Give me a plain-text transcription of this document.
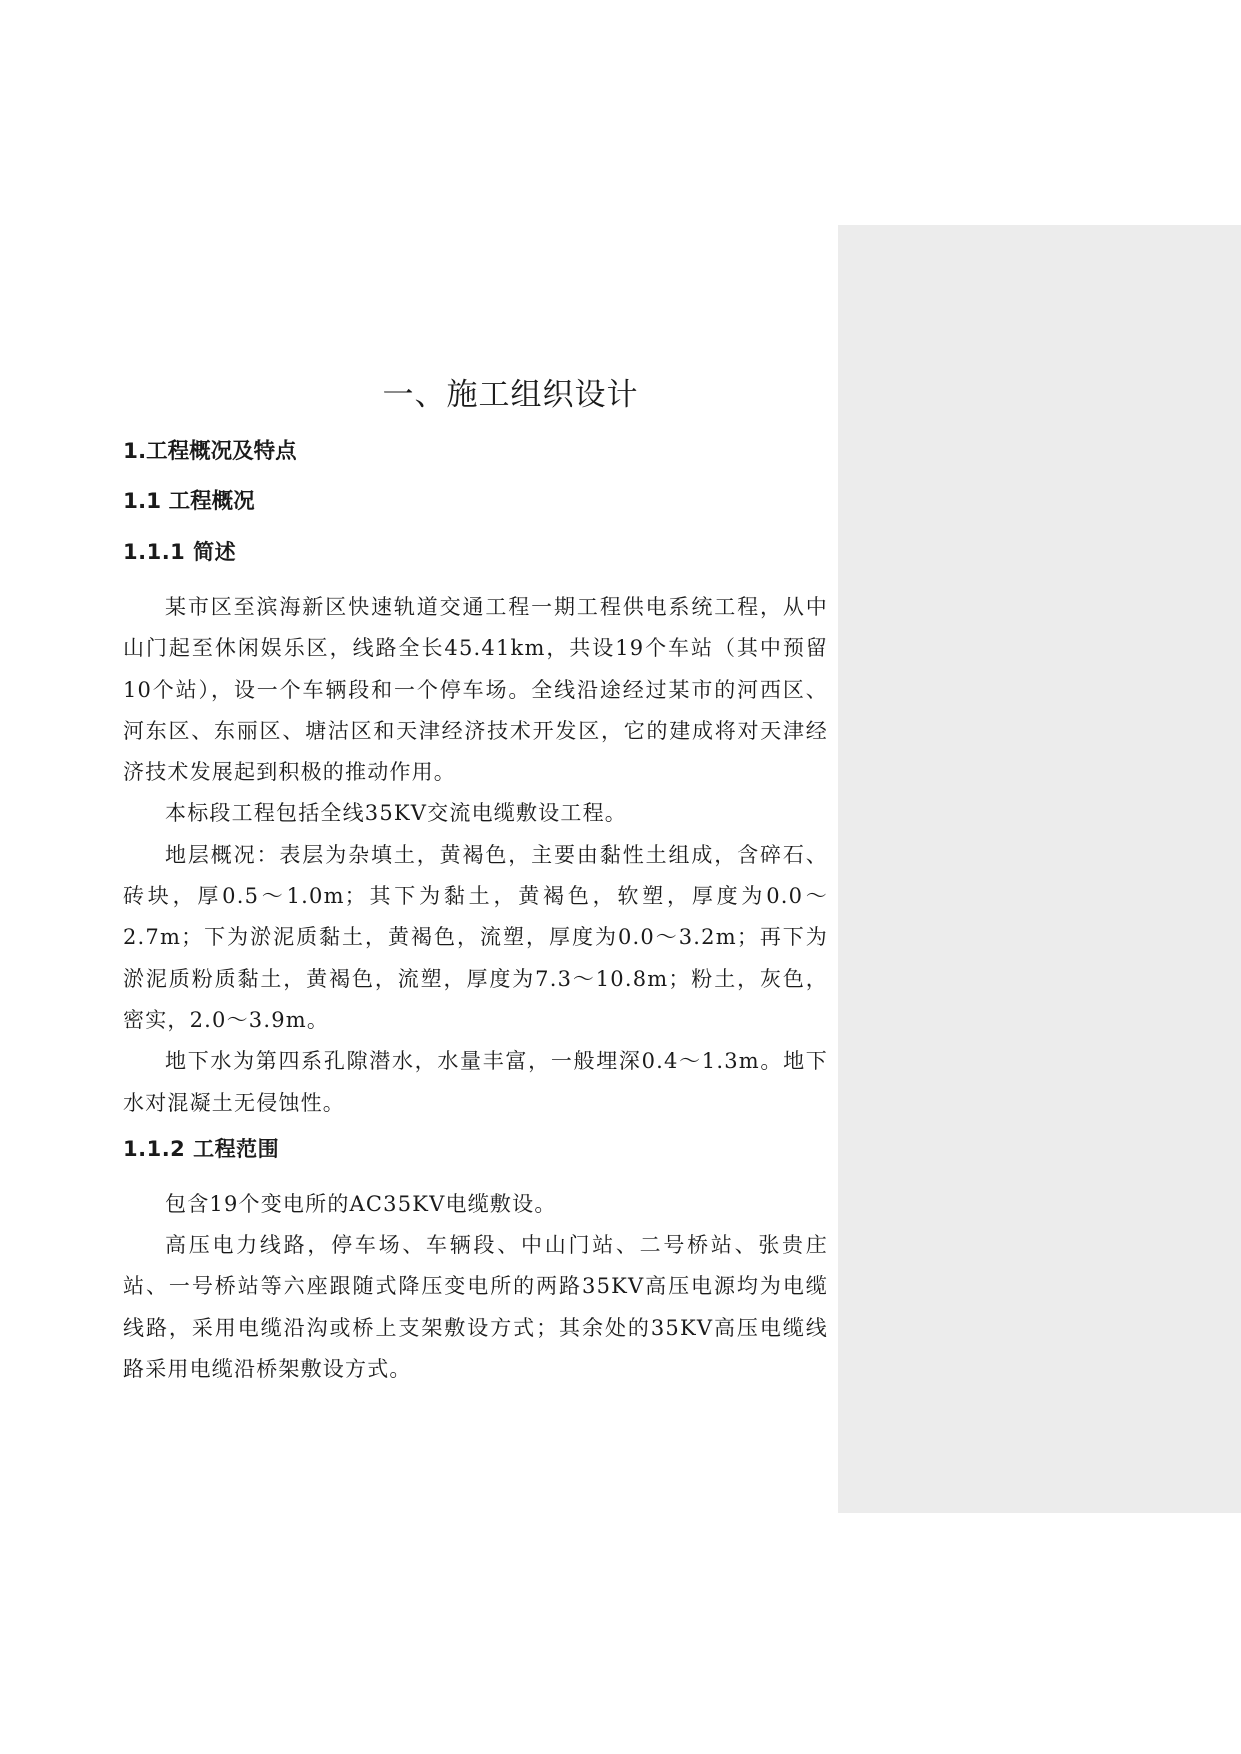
一、施工组织设计
1.工程概况及特点
1.1 工程概况
1.1.1 简述

某市区至滨海新区快速轨道交通工程一期工程供电系统工程，从中山门起至休闲娱乐区，线路全长45.41km，共设19个车站（其中预留10个站），设一个车辆段和一个停车场。全线沿途经过某市的河西区、河东区、东丽区、塘沽区和天津经济技术开发区，它的建成将对天津经济技术发展起到积极的推动作用。

本标段工程包括全线35KV交流电缆敷设工程。

地层概况：表层为杂填土，黄褐色，主要由黏性土组成，含碎石、砖块，厚0.5～1.0m；其下为黏土，黄褐色，软塑，厚度为0.0～2.7m；下为淤泥质黏土，黄褐色，流塑，厚度为0.0～3.2m；再下为淤泥质粉质黏土，黄褐色，流塑，厚度为7.3～10.8m；粉土，灰色，密实，2.0～3.9m。

地下水为第四系孔隙潜水，水量丰富，一般埋深0.4～1.3m。地下水对混凝土无侵蚀性。

1.1.2 工程范围

包含19个变电所的AC35KV电缆敷设。

高压电力线路，停车场、车辆段、中山门站、二号桥站、张贵庄站、一号桥站等六座跟随式降压变电所的两路35KV高压电源均为电缆线路，采用电缆沿沟或桥上支架敷设方式；其余处的35KV高压电缆线路采用电缆沿桥架敷设方式。
